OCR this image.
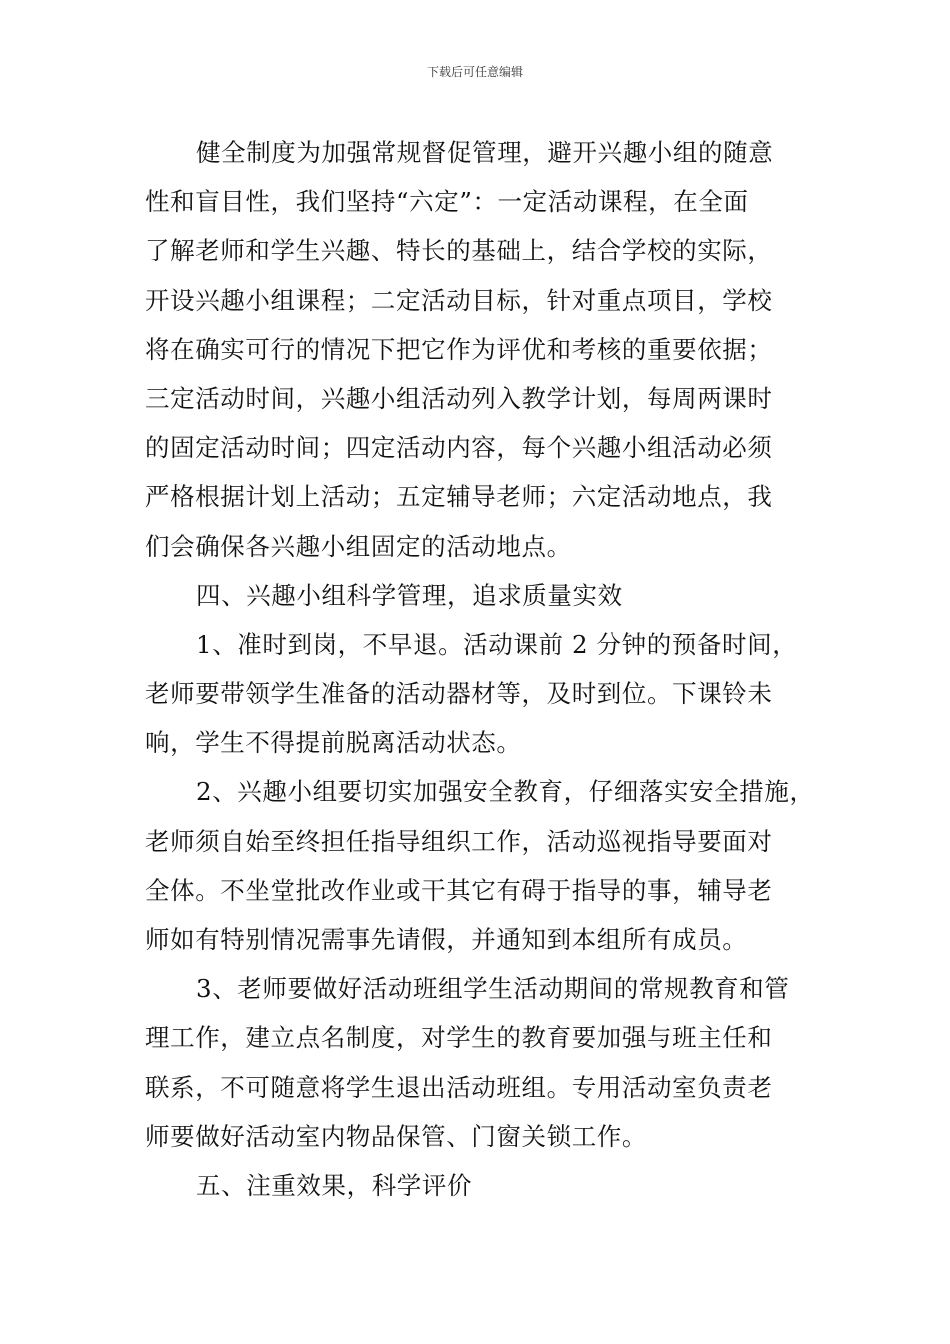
下载后可任意编辑
健全制度为加强常规督促管理，避开兴趣小组的随意
性和盲目性，我们坚持“六定”：一定活动课程，在全面
了解老师和学生兴趣、特长的基础上，结合学校的实际，
开设兴趣小组课程；二定活动目标，针对重点项目，学校
将在确实可行的情况下把它作为评优和考核的重要依据；
三定活动时间，兴趣小组活动列入教学计划，每周两课时
的固定活动时间；四定活动内容，每个兴趣小组活动必须
严格根据计划上活动；五定辅导老师；六定活动地点，我
们会确保各兴趣小组固定的活动地点。
四、兴趣小组科学管理，追求质量实效
1、准时到岗，不早退。活动课前 2 分钟的预备时间，
老师要带领学生准备的活动器材等，及时到位。下课铃未
响，学生不得提前脱离活动状态。
2、兴趣小组要切实加强安全教育，仔细落实安全措施，
老师须自始至终担任指导组织工作，活动巡视指导要面对
全体。不坐堂批改作业或干其它有碍于指导的事，辅导老
师如有特别情况需事先请假，并通知到本组所有成员。
3、老师要做好活动班组学生活动期间的常规教育和管
理工作，建立点名制度，对学生的教育要加强与班主任和
联系，不可随意将学生退出活动班组。专用活动室负责老
师要做好活动室内物品保管、门窗关锁工作。
五、注重效果，科学评价
